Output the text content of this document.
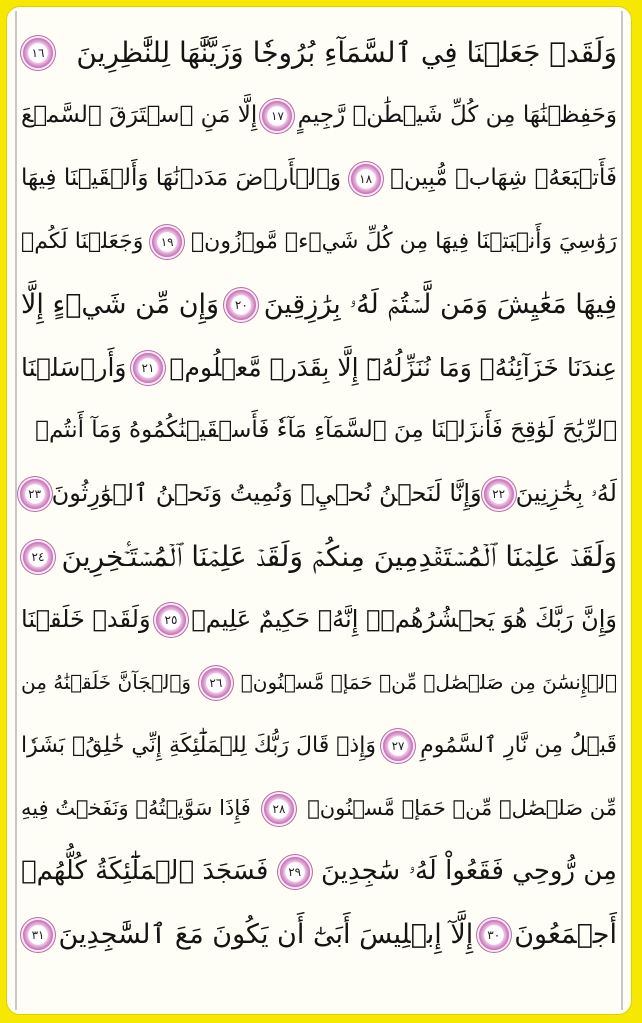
وَلَقَدۡ جَعَلۡنَا فِي ٱلسَّمَآءِ بُرُوجٗا وَزَيَّنَّٰهَا لِلنَّٰظِرِينَ
١٦
وَحَفِظۡنَٰهَا مِن كُلِّ شَيۡطَٰنٖ رَّجِيمٍ
١٧
إِلَّا مَنِ ٱسۡتَرَقَ ٱلسَّمۡعَ
فَأَتۡبَعَهُۥ شِهَابٞ مُّبِينٞ
١٨
وَٱلۡأَرۡضَ مَدَدۡنَٰهَا وَأَلۡقَيۡنَا فِيهَا
رَوَٰسِيَ وَأَنۢبَتۡنَا فِيهَا مِن كُلِّ شَيۡءٖ مَّوۡزُونٖ
١٩
وَجَعَلۡنَا لَكُمۡ
فِيهَا مَعَٰيِشَ وَمَن لَّسۡتُمۡ لَهُۥ بِرَٰزِقِينَ
٢٠
وَإِن مِّن شَيۡءٍ إِلَّا
عِندَنَا خَزَآئِنُهُۥ وَمَا نُنَزِّلُهُۥٓ إِلَّا بِقَدَرٖ مَّعۡلُومٖ
٢١
وَأَرۡسَلۡنَا
ٱلرِّيَٰحَ لَوَٰقِحَ فَأَنزَلۡنَا مِنَ ٱلسَّمَآءِ مَآءٗ فَأَسۡقَيۡنَٰكُمُوهُ وَمَآ أَنتُمۡ
لَهُۥ بِخَٰزِنِينَ
٢٢
وَإِنَّا لَنَحۡنُ نُحۡيِۦ وَنُمِيتُ وَنَحۡنُ ٱلۡوَٰرِثُونَ
٢٣
وَلَقَدۡ عَلِمۡنَا ٱلۡمُسۡتَقۡدِمِينَ مِنكُمۡ وَلَقَدۡ عَلِمۡنَا ٱلۡمُسۡتَـٔۡخِرِينَ
٢٤
وَإِنَّ رَبَّكَ هُوَ يَحۡشُرُهُمۡۚ إِنَّهُۥ حَكِيمٌ عَلِيمٞ
٢٥
وَلَقَدۡ خَلَقۡنَا
ٱلۡإِنسَٰنَ مِن صَلۡصَٰلٖ مِّنۡ حَمَإٖ مَّسۡنُونٖ
٢٦
وَٱلۡجَآنَّ خَلَقۡنَٰهُ مِن
قَبۡلُ مِن نَّارِ ٱلسَّمُومِ
٢٧
وَإِذۡ قَالَ رَبُّكَ لِلۡمَلَٰٓئِكَةِ إِنِّي خَٰلِقُۢ بَشَرٗا
مِّن صَلۡصَٰلٖ مِّنۡ حَمَإٖ مَّسۡنُونٖ
٢٨
فَإِذَا سَوَّيۡتُهُۥ وَنَفَخۡتُ فِيهِ
مِن رُّوحِي فَقَعُواْ لَهُۥ سَٰجِدِينَ
٢٩
فَسَجَدَ ٱلۡمَلَٰٓئِكَةُ كُلُّهُمۡ
أَجۡمَعُونَ
٣٠
إِلَّآ إِبۡلِيسَ أَبَىٰٓ أَن يَكُونَ مَعَ ٱلسَّٰجِدِينَ
٣١
